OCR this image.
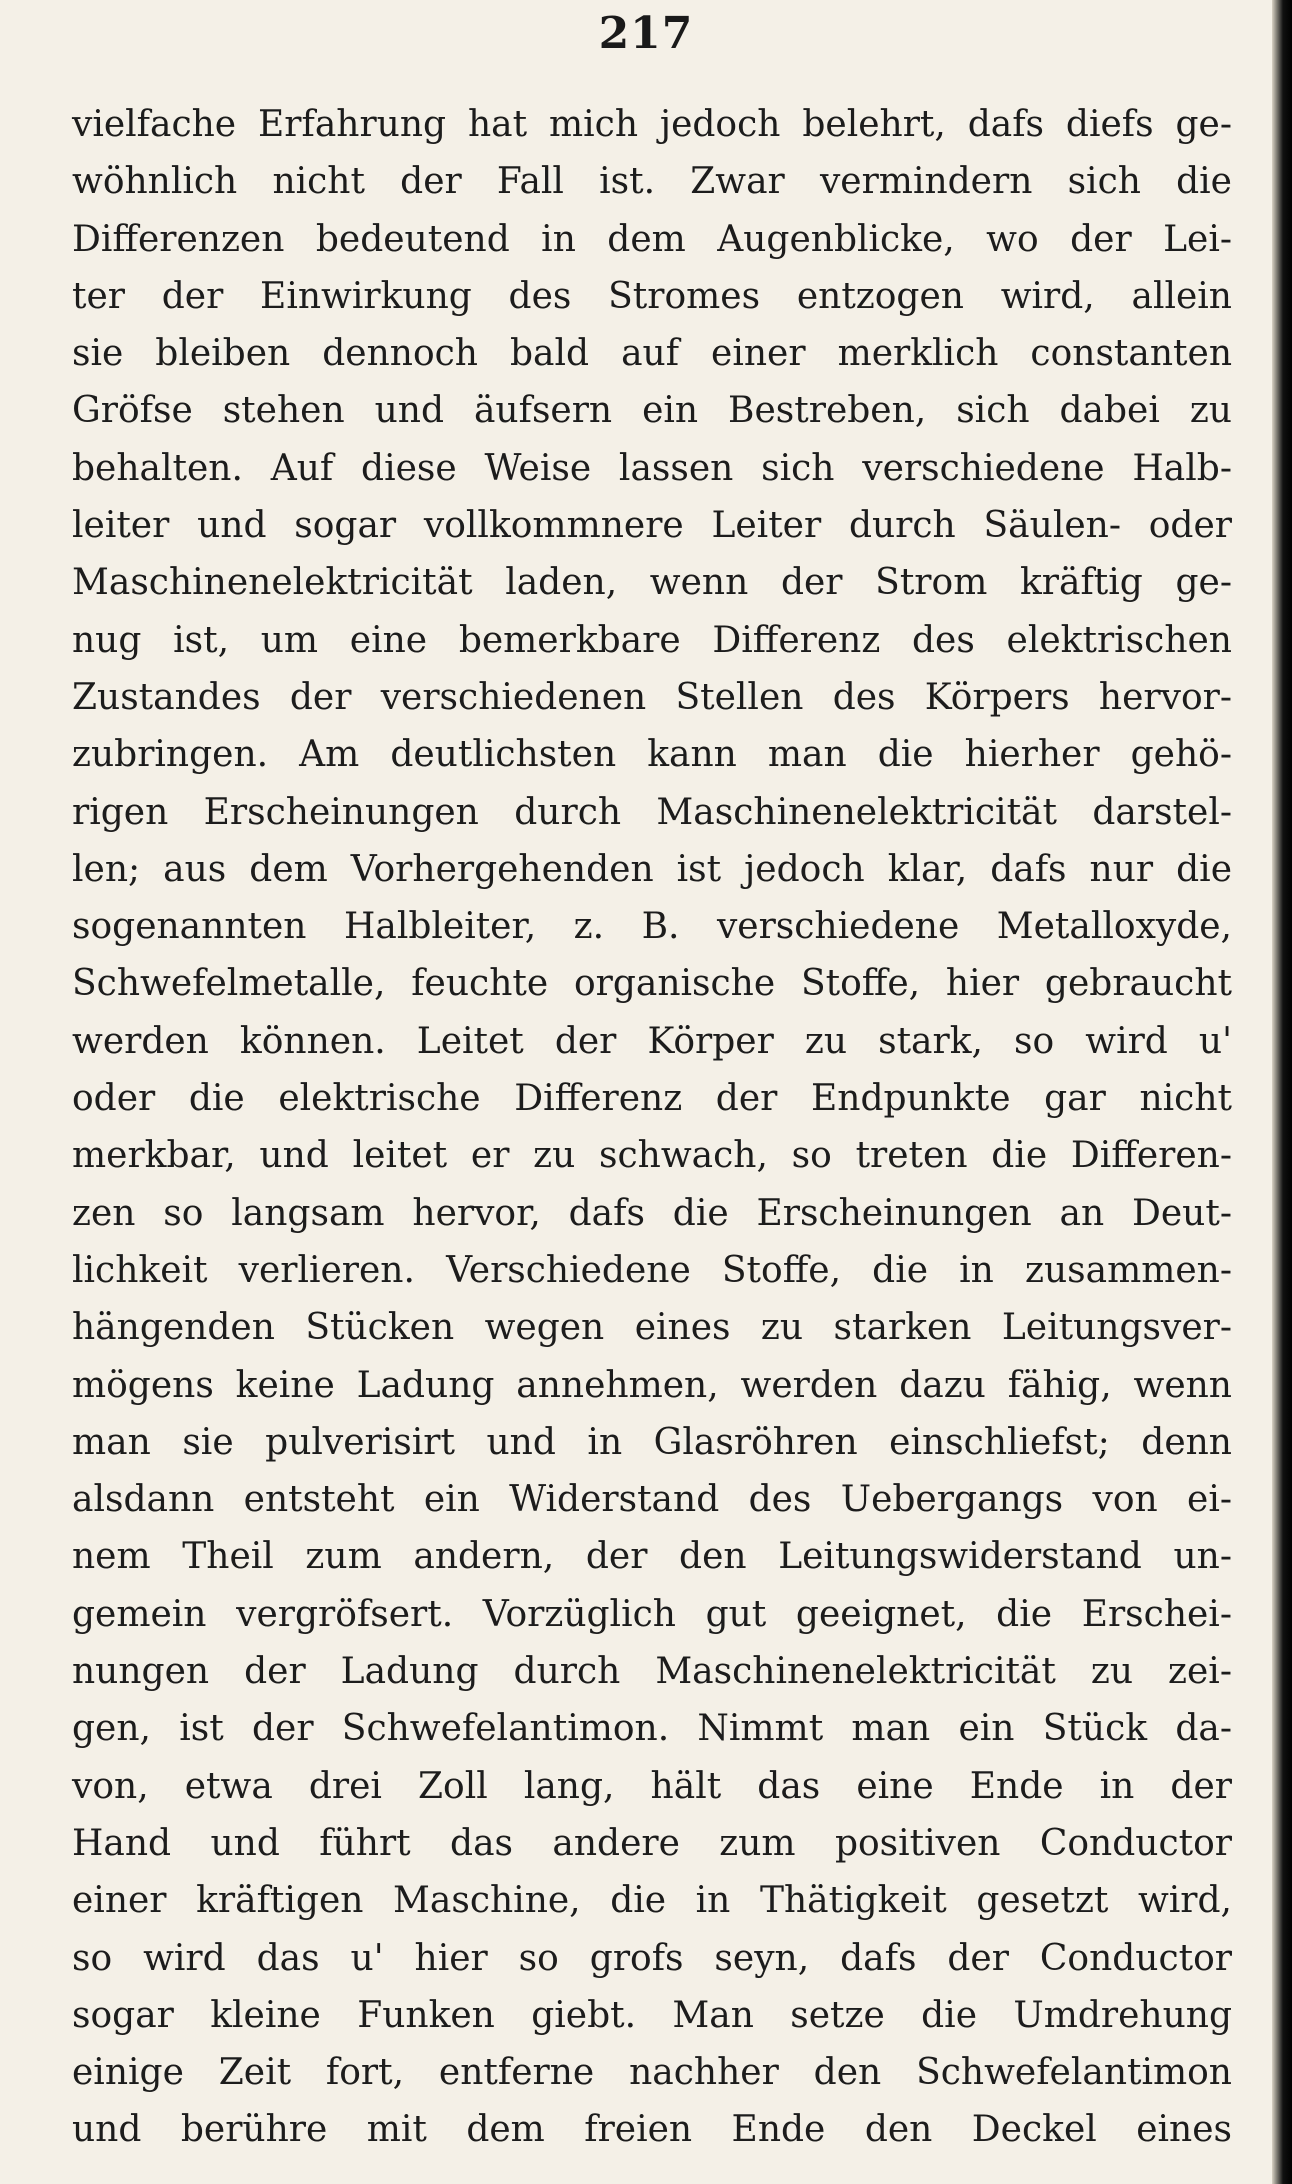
217
vielfache Erfahrung hat mich jedoch belehrt, dafs diefs ge-
wöhnlich nicht der Fall ist. Zwar vermindern sich die
Differenzen bedeutend in dem Augenblicke, wo der Lei-
ter der Einwirkung des Stromes entzogen wird, allein
sie bleiben dennoch bald auf einer merklich constanten
Gröfse stehen und äufsern ein Bestreben, sich dabei zu
behalten. Auf diese Weise lassen sich verschiedene Halb-
leiter und sogar vollkommnere Leiter durch Säulen- oder
Maschinenelektricität laden, wenn der Strom kräftig ge-
nug ist, um eine bemerkbare Differenz des elektrischen
Zustandes der verschiedenen Stellen des Körpers hervor-
zubringen. Am deutlichsten kann man die hierher gehö-
rigen Erscheinungen durch Maschinenelektricität darstel-
len; aus dem Vorhergehenden ist jedoch klar, dafs nur die
sogenannten Halbleiter, z. B. verschiedene Metalloxyde,
Schwefelmetalle, feuchte organische Stoffe, hier gebraucht
werden können. Leitet der Körper zu stark, so wird u'
oder die elektrische Differenz der Endpunkte gar nicht
merkbar, und leitet er zu schwach, so treten die Differen-
zen so langsam hervor, dafs die Erscheinungen an Deut-
lichkeit verlieren. Verschiedene Stoffe, die in zusammen-
hängenden Stücken wegen eines zu starken Leitungsver-
mögens keine Ladung annehmen, werden dazu fähig, wenn
man sie pulverisirt und in Glasröhren einschliefst; denn
alsdann entsteht ein Widerstand des Uebergangs von ei-
nem Theil zum andern, der den Leitungswiderstand un-
gemein vergröfsert. Vorzüglich gut geeignet, die Erschei-
nungen der Ladung durch Maschinenelektricität zu zei-
gen, ist der Schwefelantimon. Nimmt man ein Stück da-
von, etwa drei Zoll lang, hält das eine Ende in der
Hand und führt das andere zum positiven Conductor
einer kräftigen Maschine, die in Thätigkeit gesetzt wird,
so wird das u' hier so grofs seyn, dafs der Conductor
sogar kleine Funken giebt. Man setze die Umdrehung
einige Zeit fort, entferne nachher den Schwefelantimon
und berühre mit dem freien Ende den Deckel eines
